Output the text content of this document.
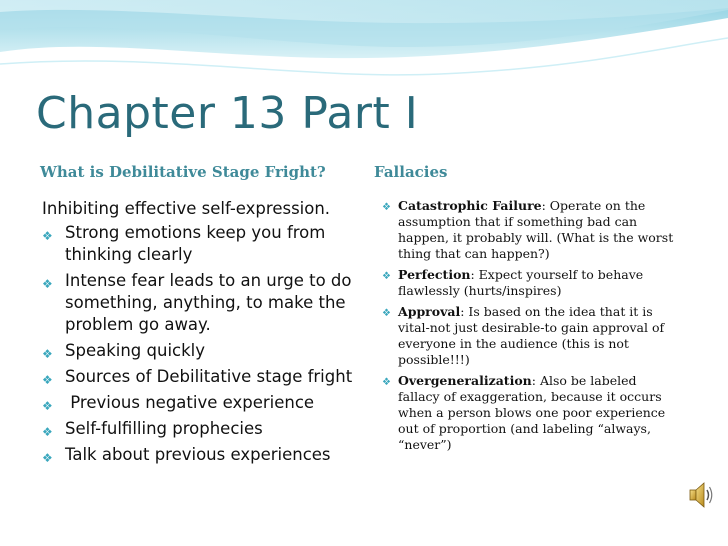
Chapter 13 Part I
What is Debilitative Stage Fright?	Fallacies
Inhibiting effective self-expression.
❖ Strong emotions keep you from thinking clearly
❖ Intense fear leads to an urge to do something, anything, to make the problem go away.
❖ Speaking quickly
❖ Sources of Debilitative stage fright
❖ Previous negative experience
❖ Self-fulfilling prophecies
❖ Talk about previous experiences
❖ Catastrophic Failure: Operate on the assumption that if something bad can happen, it probably will. (What is the worst thing that can happen?)
❖ Perfection: Expect yourself to behave flawlessly (hurts/inspires)
❖ Approval: Is based on the idea that it is vital-not just desirable-to gain approval of everyone in the audience (this is not possible!!!)
❖ Overgeneralization: Also be labeled fallacy of exaggeration, because it occurs when a person blows one poor experience out of proportion (and labeling “always, “never”)
